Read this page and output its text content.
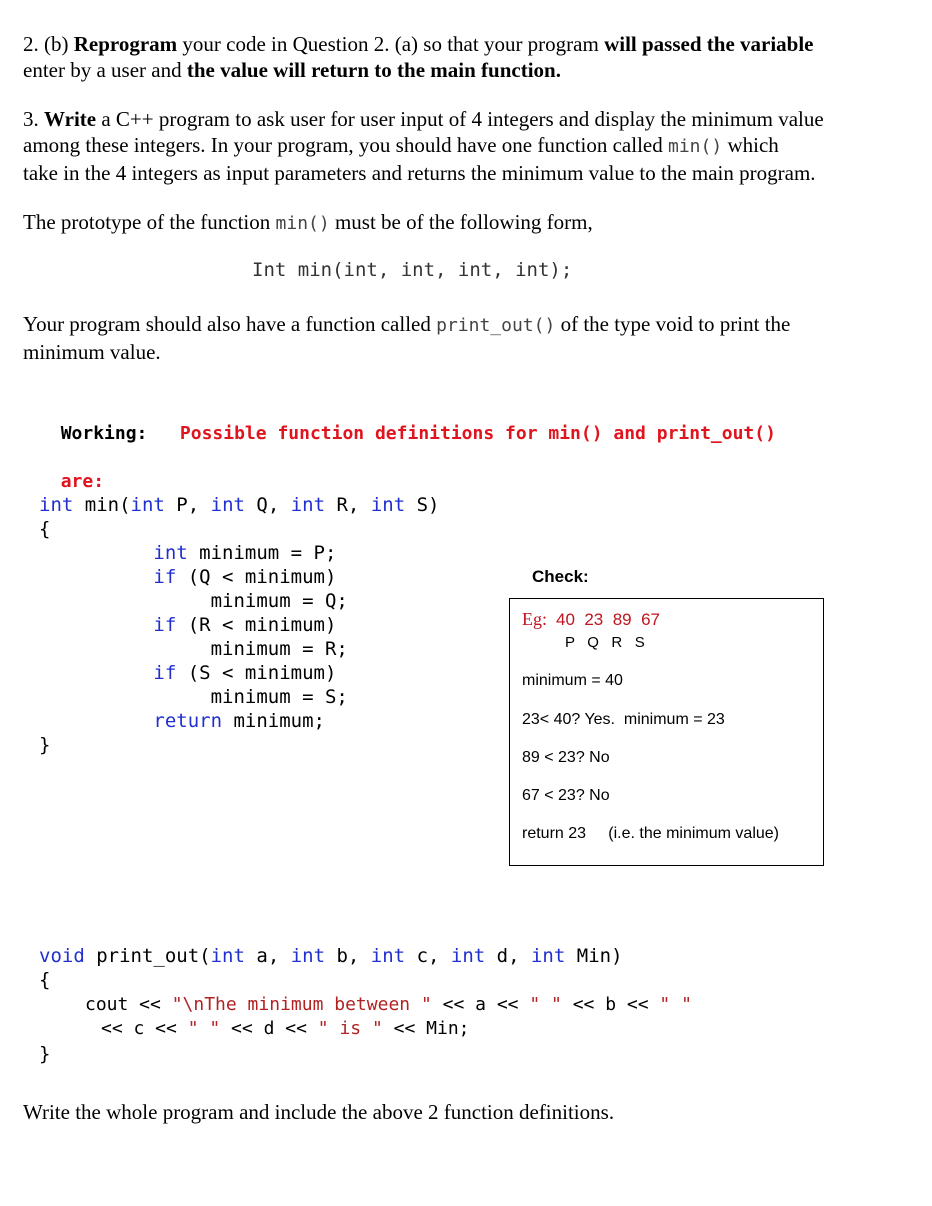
2. (b) Reprogram your code in Question 2. (a) so that your program will passed the variable
enter by a user and the value will return to the main function.
3. Write a C++ program to ask user for user input of 4 integers and display the minimum value
among these integers. In your program, you should have one function called min() which
take in the 4 integers as input parameters and returns the minimum value to the main program.
The prototype of the function min() must be of the following form,
Int min(int, int, int, int);
Your program should also have a function called print_out() of the type void to print the
minimum value.

Working: Possible function definitions for min() and print_out()

are:

int min(int P, int Q, int R, int S)
{
int minimum = P;
if (Q < minimum)
minimum = Q;
if (R < minimum)
minimum = R;
if (S < minimum)
minimum = S;
return minimum;
}
Check:
Eg: 40  23  89  67
P   Q   R   S
minimum = 40
23< 40? Yes.  minimum = 23
89 < 23? No
67 < 23? No
return 23 (i.e. the minimum value)
void print_out(int a, int b, int c, int d, int Min)
{
cout << "\nThe minimum between " << a << " " << b << " "
<< c << " " << d << " is " << Min;
}
Write the whole program and include the above 2 function definitions.
